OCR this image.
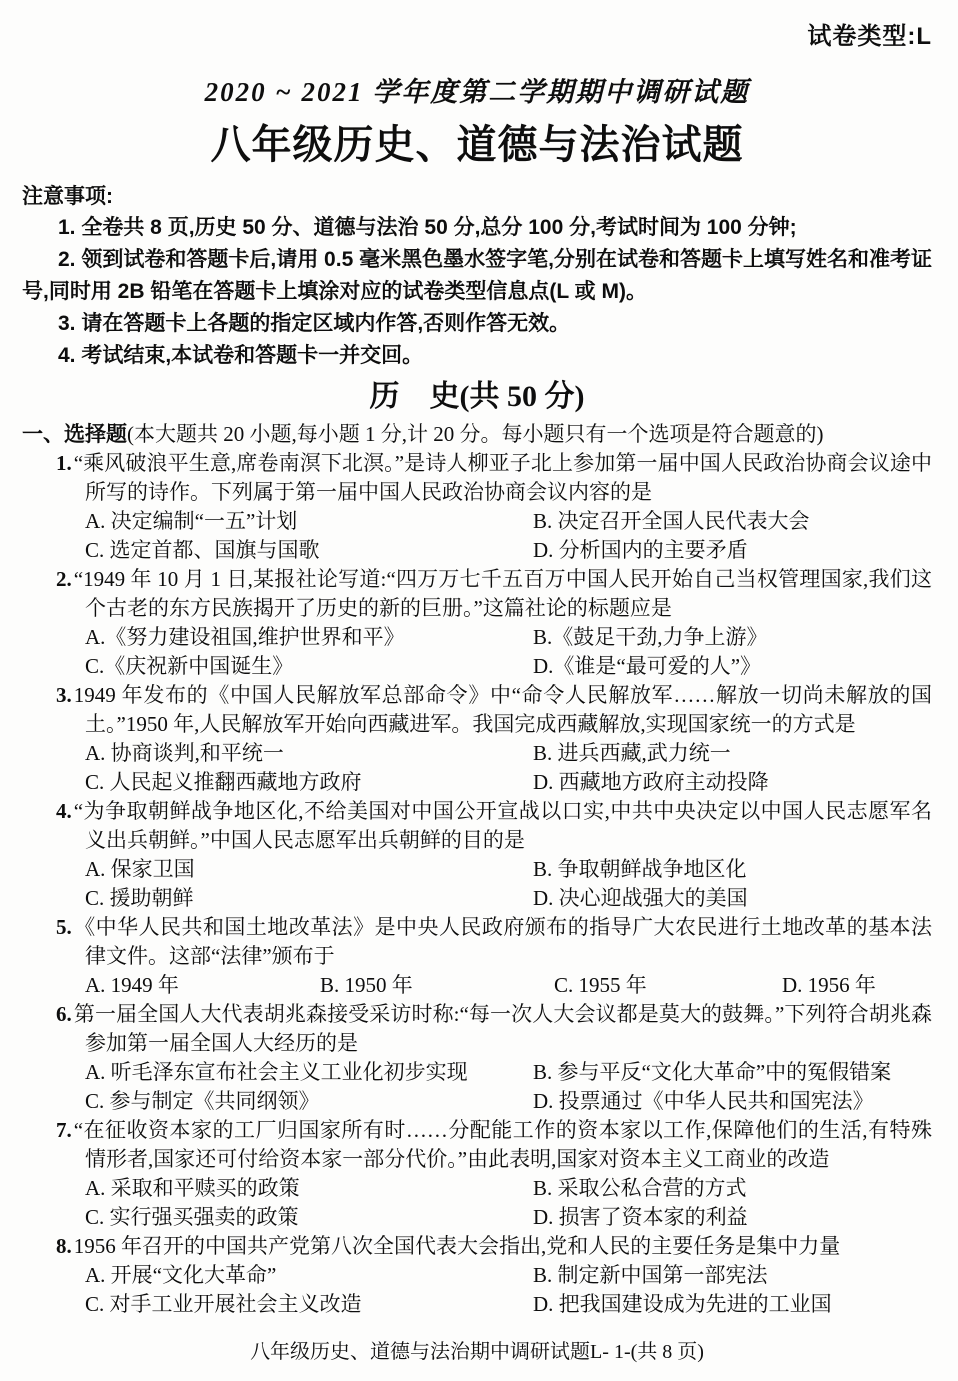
试卷类型:L
2020 ~ 2021 学年度第二学期期中调研试题
八年级历史、道德与法治试题
注意事项:

1. 全卷共 8 页,历史 50 分、道德与法治 50 分,总分 100 分,考试时间为 100 分钟;

2. 领到试卷和答题卡后,请用 0.5 毫米黑色墨水签字笔,分别在试卷和答题卡上填写姓名和准考证号,同时用 2B 铅笔在答题卡上填涂对应的试卷类型信息点(L 或 M)。

3. 请在答题卡上各题的指定区域内作答,否则作答无效。

4. 考试结束,本试卷和答题卡一并交回。

历　史(共 50 分)
一、选择题(本大题共 20 小题,每小题 1 分,计 20 分。每小题只有一个选项是符合题意的)
1.“乘风破浪平生意,席卷南溟下北溟。”是诗人柳亚子北上参加第一届中国人民政治协商会议途中所写的诗作。下列属于第一届中国人民政治协商会议内容的是
A. 决定编制“一五”计划	B. 决定召开全国人民代表大会
C. 选定首都、国旗与国歌	D. 分析国内的主要矛盾
2.“1949 年 10 月 1 日,某报社论写道:“四万万七千五百万中国人民开始自己当权管理国家,我们这个古老的东方民族揭开了历史的新的巨册。”这篇社论的标题应是
A.《努力建设祖国,维护世界和平》	B.《鼓足干劲,力争上游》
C.《庆祝新中国诞生》	D.《谁是“最可爱的人”》
3.1949 年发布的《中国人民解放军总部命令》中“命令人民解放军……解放一切尚未解放的国土。”1950 年,人民解放军开始向西藏进军。我国完成西藏解放,实现国家统一的方式是
A. 协商谈判,和平统一	B. 进兵西藏,武力统一
C. 人民起义推翻西藏地方政府	D. 西藏地方政府主动投降
4.“为争取朝鲜战争地区化,不给美国对中国公开宣战以口实,中共中央决定以中国人民志愿军名义出兵朝鲜。”中国人民志愿军出兵朝鲜的目的是
A. 保家卫国	B. 争取朝鲜战争地区化
C. 援助朝鲜	D. 决心迎战强大的美国
5.《中华人民共和国土地改革法》是中央人民政府颁布的指导广大农民进行土地改革的基本法律文件。这部“法律”颁布于
A. 1949 年	B. 1950 年	C. 1955 年	D. 1956 年
6.第一届全国人大代表胡兆森接受采访时称:“每一次人大会议都是莫大的鼓舞。”下列符合胡兆森参加第一届全国人大经历的是
A. 听毛泽东宣布社会主义工业化初步实现	B. 参与平反“文化大革命”中的冤假错案
C. 参与制定《共同纲领》	D. 投票通过《中华人民共和国宪法》
7.“在征收资本家的工厂归国家所有时……分配能工作的资本家以工作,保障他们的生活,有特殊情形者,国家还可付给资本家一部分代价。”由此表明,国家对资本主义工商业的改造
A. 采取和平赎买的政策	B. 采取公私合营的方式
C. 实行强买强卖的政策	D. 损害了资本家的利益
8.1956 年召开的中国共产党第八次全国代表大会指出,党和人民的主要任务是集中力量
A. 开展“文化大革命”	B. 制定新中国第一部宪法
C. 对手工业开展社会主义改造	D. 把我国建设成为先进的工业国
八年级历史、道德与法治期中调研试题L- 1-(共 8 页)
